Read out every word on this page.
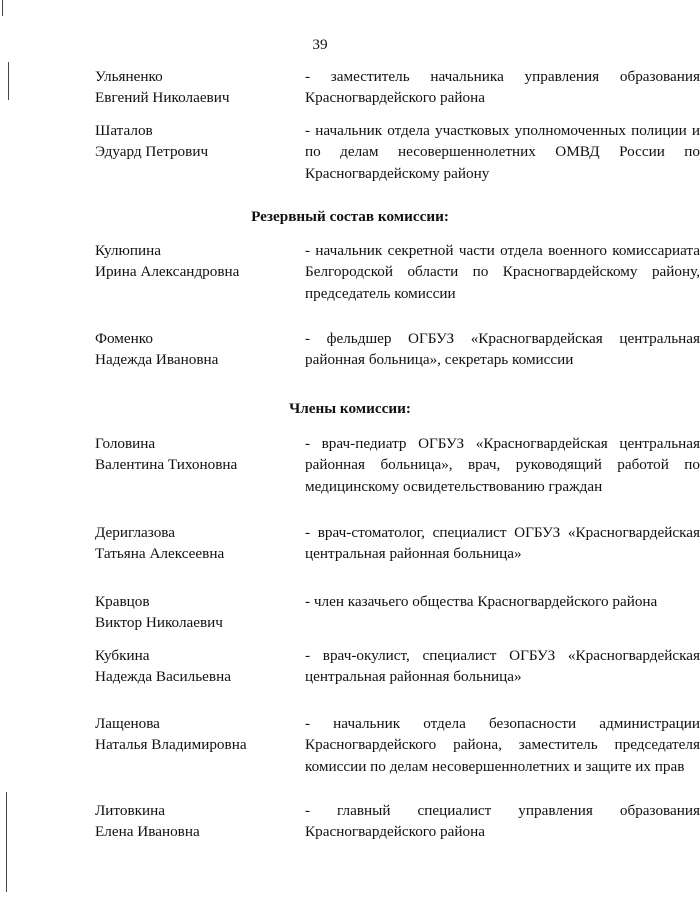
39
Ульяненко
Евгений Николаевич
- заместитель начальника управления образования Красногвардейского района
Шаталов
Эдуард Петрович
- начальник отдела участковых уполномоченных полиции и по делам несовершеннолетних ОМВД России по Красногвардейскому району
Резервный состав комиссии:
Кулюпина
Ирина Александровна
- начальник секретной части отдела военного комиссариата Белгородской области по Красногвардейскому району, председатель комиссии
Фоменко
Надежда Ивановна
- фельдшер ОГБУЗ «Красногвардейская центральная районная больница», секретарь комиссии
Члены комиссии:
Головина
Валентина Тихоновна
- врач-педиатр ОГБУЗ «Красногвардейская центральная районная больница», врач, руководящий работой по медицинскому освидетельствованию граждан
Дериглазова
Татьяна Алексеевна
- врач-стоматолог, специалист ОГБУЗ «Красногвардейская центральная районная больница»
Кравцов
Виктор Николаевич
- член казачьего общества Красногвардейского района
Кубкина
Надежда Васильевна
- врач-окулист, специалист ОГБУЗ «Красногвардейская центральная районная больница»
Лащенова
Наталья Владимировна
- начальник отдела безопасности администрации Красногвардейского района, заместитель председателя комиссии по делам несовершеннолетних и защите их прав
Литовкина
Елена Ивановна
- главный специалист управления образования Красногвардейского района
